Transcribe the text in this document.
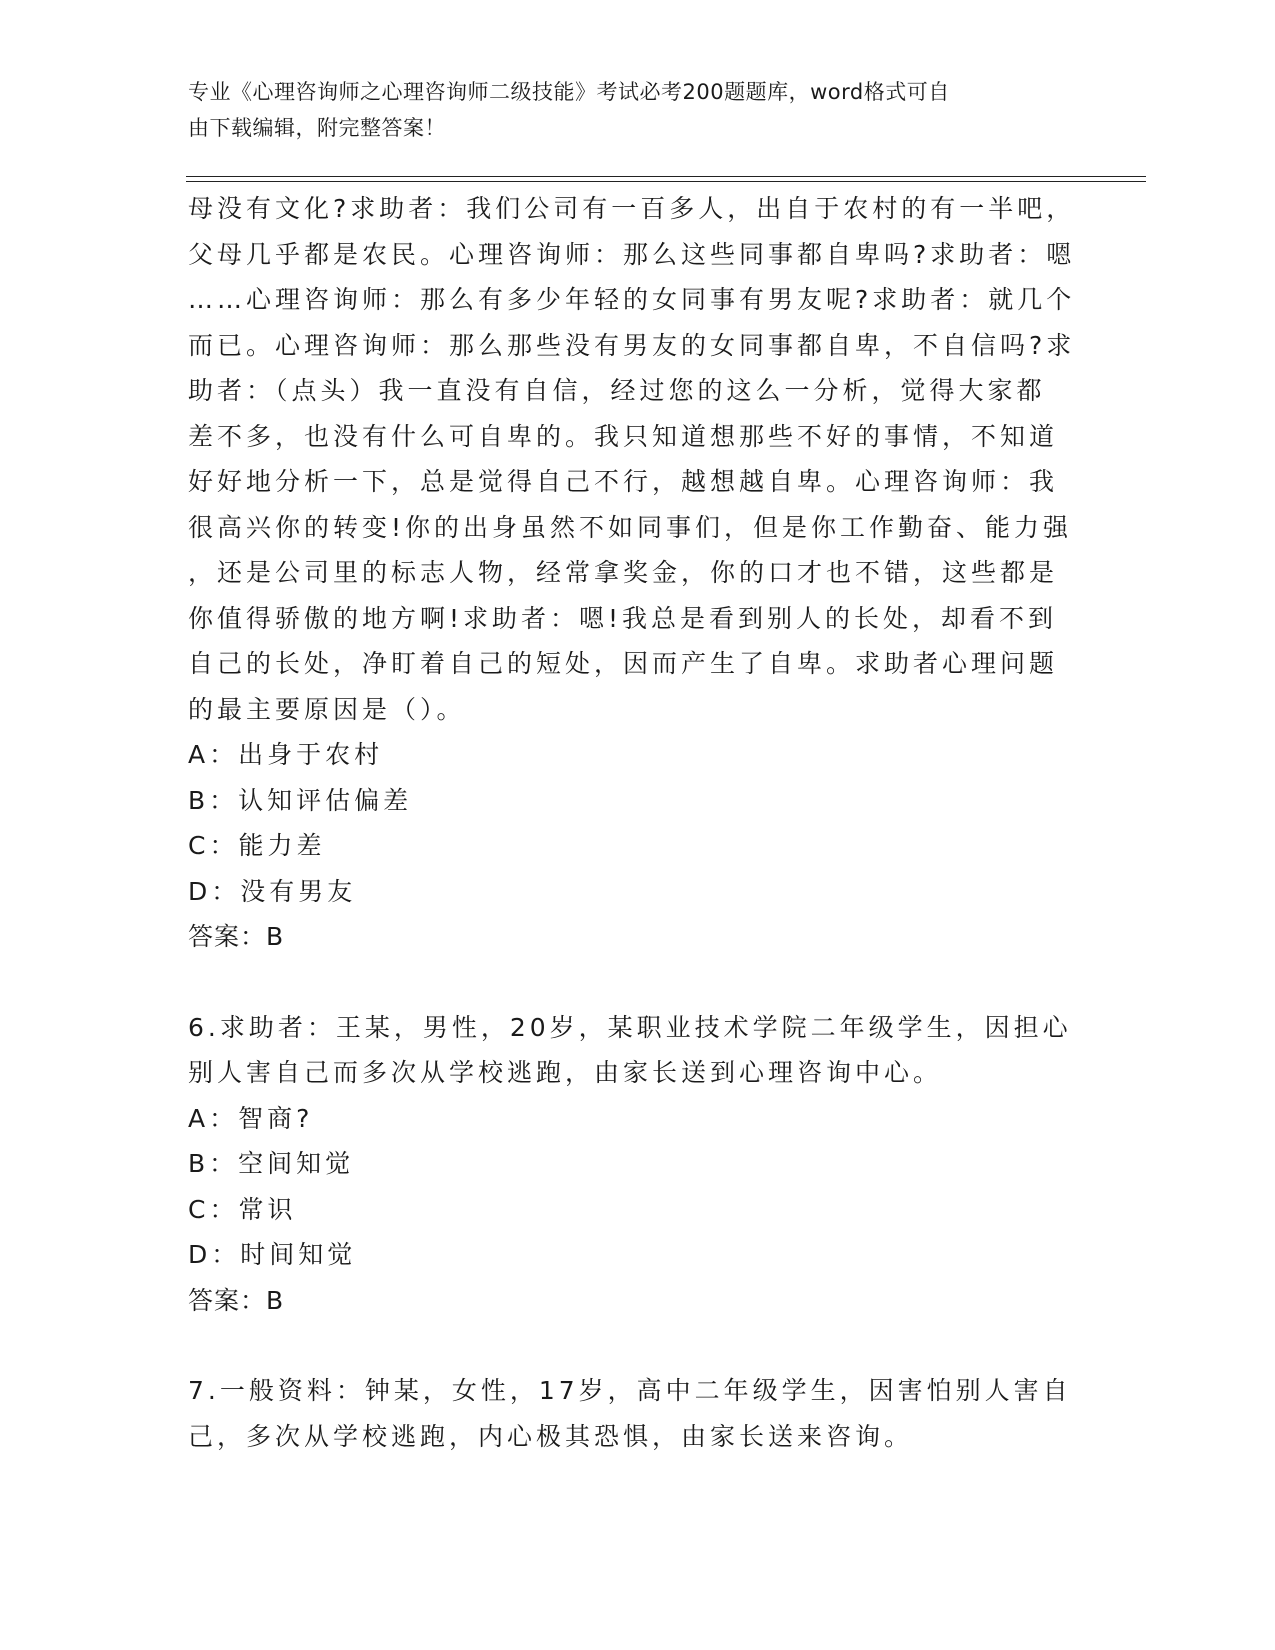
专业《心理咨询师之心理咨询师二级技能》考试必考200题题库，word格式可自
由下载编辑，附完整答案！
母没有文化?求助者：我们公司有一百多人，出自于农村的有一半吧，
父母几乎都是农民。心理咨询师：那么这些同事都自卑吗?求助者：嗯
……心理咨询师：那么有多少年轻的女同事有男友呢?求助者：就几个
而已。心理咨询师：那么那些没有男友的女同事都自卑，不自信吗?求
助者：（点头）我一直没有自信，经过您的这么一分析，觉得大家都
差不多，也没有什么可自卑的。我只知道想那些不好的事情，不知道
好好地分析一下，总是觉得自己不行，越想越自卑。心理咨询师：我
很高兴你的转变!你的出身虽然不如同事们，但是你工作勤奋、能力强
，还是公司里的标志人物，经常拿奖金，你的口才也不错，这些都是
你值得骄傲的地方啊!求助者：嗯!我总是看到别人的长处，却看不到
自己的长处，净盯着自己的短处，因而产生了自卑。求助者心理问题
的最主要原因是（）。
A：出身于农村
B：认知评估偏差
C：能力差
D：没有男友
答案：B
6.求助者：王某，男性，20岁，某职业技术学院二年级学生，因担心
别人害自己而多次从学校逃跑，由家长送到心理咨询中心。
A：智商?
B：空间知觉
C：常识
D：时间知觉
答案：B
7.一般资料：钟某，女性，17岁，高中二年级学生，因害怕别人害自
己，多次从学校逃跑，内心极其恐惧，由家长送来咨询。
